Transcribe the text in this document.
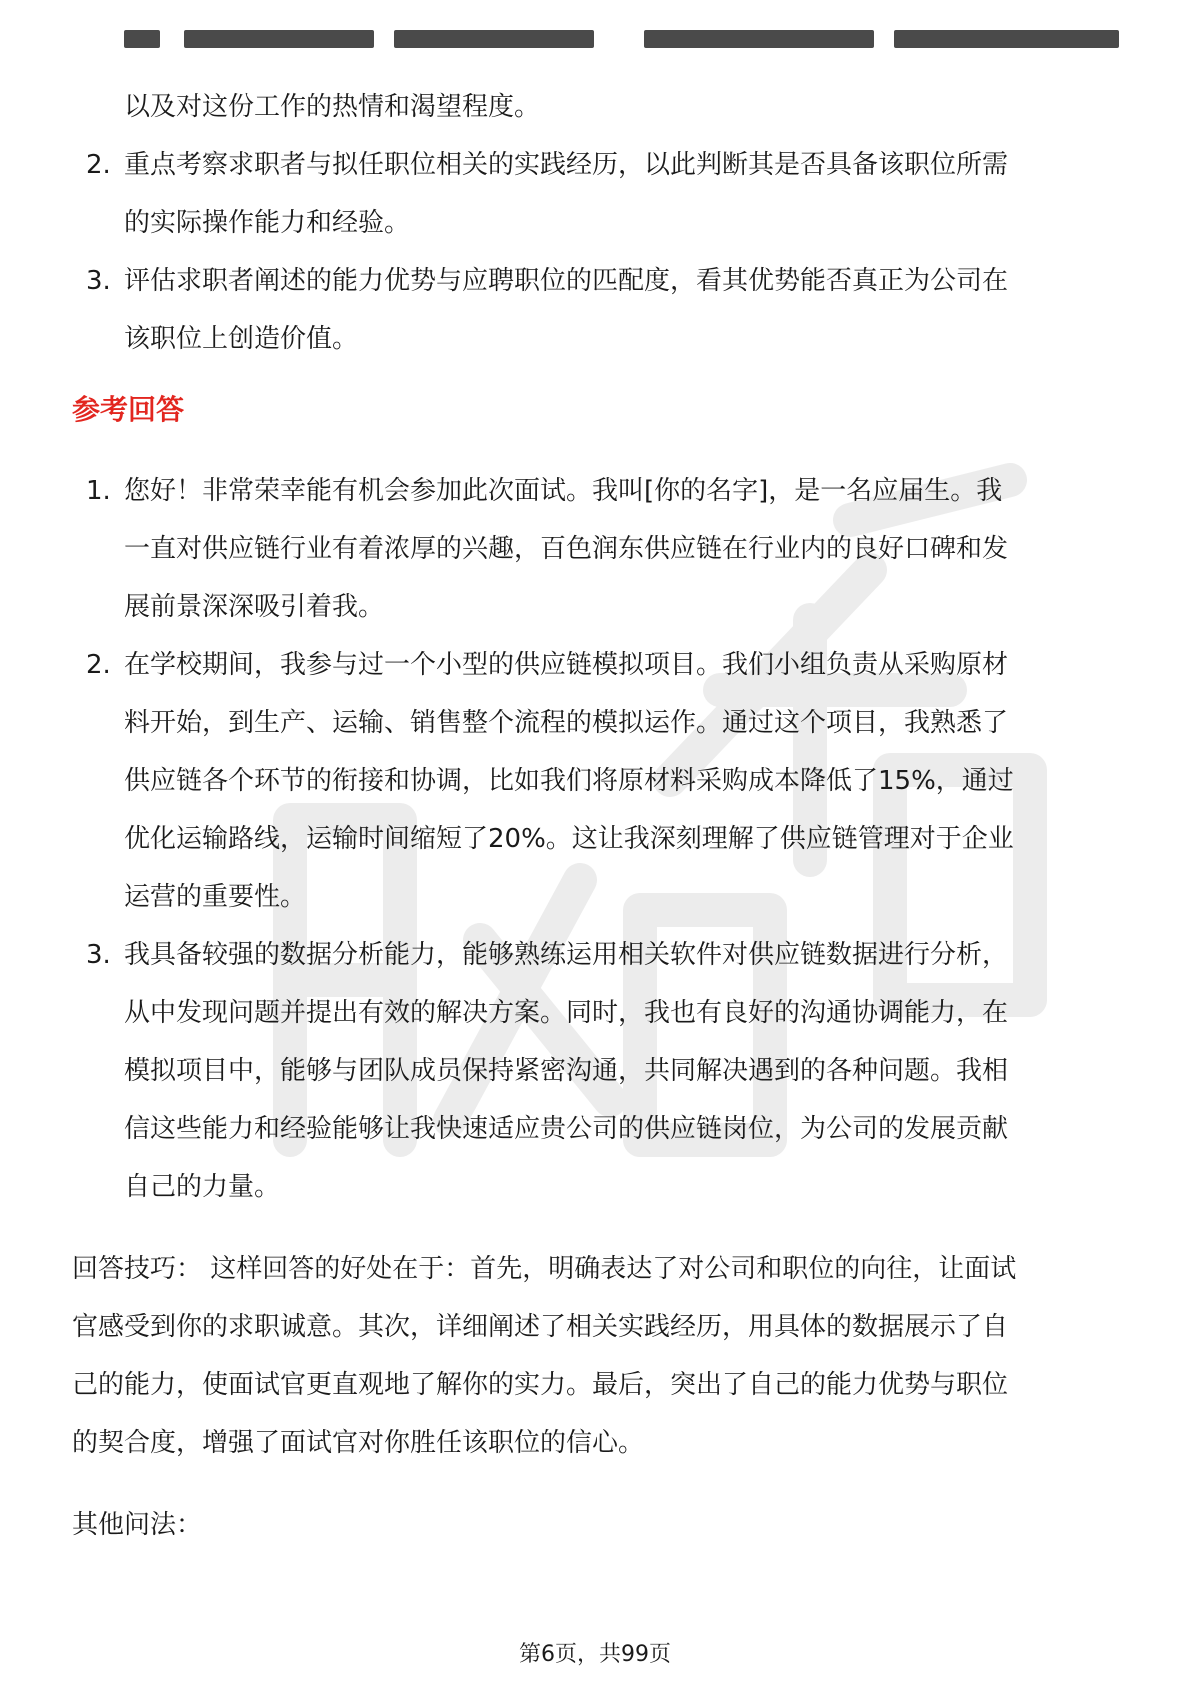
以及对这份工作的热情和渴望程度。
2. 重点考察求职者与拟任职位相关的实践经历，以此判断其是否具备该职位所需
的实际操作能力和经验。
3. 评估求职者阐述的能力优势与应聘职位的匹配度，看其优势能否真正为公司在
该职位上创造价值。
参考回答
1. 您好！非常荣幸能有机会参加此次面试。我叫[你的名字]，是一名应届生。我
一直对供应链行业有着浓厚的兴趣，百色润东供应链在行业内的良好口碑和发
展前景深深吸引着我。
2. 在学校期间，我参与过一个小型的供应链模拟项目。我们小组负责从采购原材
料开始，到生产、运输、销售整个流程的模拟运作。通过这个项目，我熟悉了
供应链各个环节的衔接和协调，比如我们将原材料采购成本降低了15%，通过
优化运输路线，运输时间缩短了20%。这让我深刻理解了供应链管理对于企业
运营的重要性。
3. 我具备较强的数据分析能力，能够熟练运用相关软件对供应链数据进行分析，
从中发现问题并提出有效的解决方案。同时，我也有良好的沟通协调能力，在
模拟项目中，能够与团队成员保持紧密沟通，共同解决遇到的各种问题。我相
信这些能力和经验能够让我快速适应贵公司的供应链岗位，为公司的发展贡献
自己的力量。
回答技巧： 这样回答的好处在于：首先，明确表达了对公司和职位的向往，让面试
官感受到你的求职诚意。其次，详细阐述了相关实践经历，用具体的数据展示了自
己的能力，使面试官更直观地了解你的实力。最后，突出了自己的能力优势与职位
的契合度，增强了面试官对你胜任该职位的信心。
其他问法：
第6页，共99页
